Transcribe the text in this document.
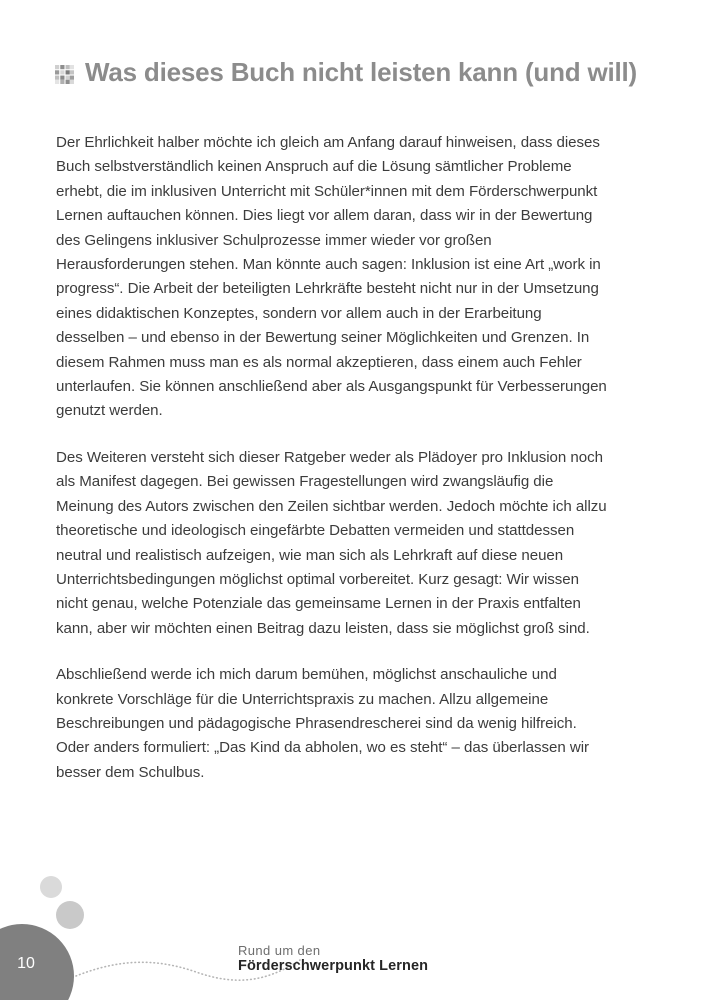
Was dieses Buch nicht leisten kann (und will)

Der Ehrlichkeit halber möchte ich gleich am Anfang darauf hinweisen, dass dieses Buch selbstverständlich keinen Anspruch auf die Lösung sämtlicher Probleme erhebt, die im inklusiven Unterricht mit Schüler*innen mit dem Förderschwerpunkt Lernen auftauchen können. Dies liegt vor allem daran, dass wir in der Bewertung des Gelingens inklusiver Schulprozesse immer wieder vor großen Herausforderungen stehen. Man könnte auch sagen: Inklusion ist eine Art „work in progress“. Die Arbeit der beteiligten Lehrkräfte besteht nicht nur in der Umsetzung eines didaktischen Konzeptes, sondern vor allem auch in der Erarbeitung desselben – und ebenso in der Bewertung seiner Möglichkeiten und Grenzen. In diesem Rahmen muss man es als normal akzeptieren, dass einem auch Fehler unterlaufen. Sie können anschließend aber als Ausgangspunkt für Verbesserungen genutzt werden.

Des Weiteren versteht sich dieser Ratgeber weder als Plädoyer pro Inklusion noch als Manifest dagegen. Bei gewissen Fragestellungen wird zwangsläufig die Meinung des Autors zwischen den Zeilen sichtbar werden. Jedoch möchte ich allzu theoretische und ideologisch eingefärbte Debatten vermeiden und stattdessen neutral und realistisch aufzeigen, wie man sich als Lehrkraft auf diese neuen Unterrichtsbedingungen möglichst optimal vorbereitet. Kurz gesagt: Wir wissen nicht genau, welche Potenziale das gemeinsame Lernen in der Praxis entfalten kann, aber wir möchten einen Beitrag dazu leisten, dass sie möglichst groß sind.

Abschließend werde ich mich darum bemühen, möglichst anschauliche und konkrete Vorschläge für die Unterrichtspraxis zu machen. Allzu allgemeine Beschreibungen und pädagogische Phrasendrescherei sind da wenig hilfreich. Oder anders formuliert: „Das Kind da abholen, wo es steht“ – das überlassen wir besser dem Schulbus.

10
Rund um den
Förderschwerpunkt Lernen
